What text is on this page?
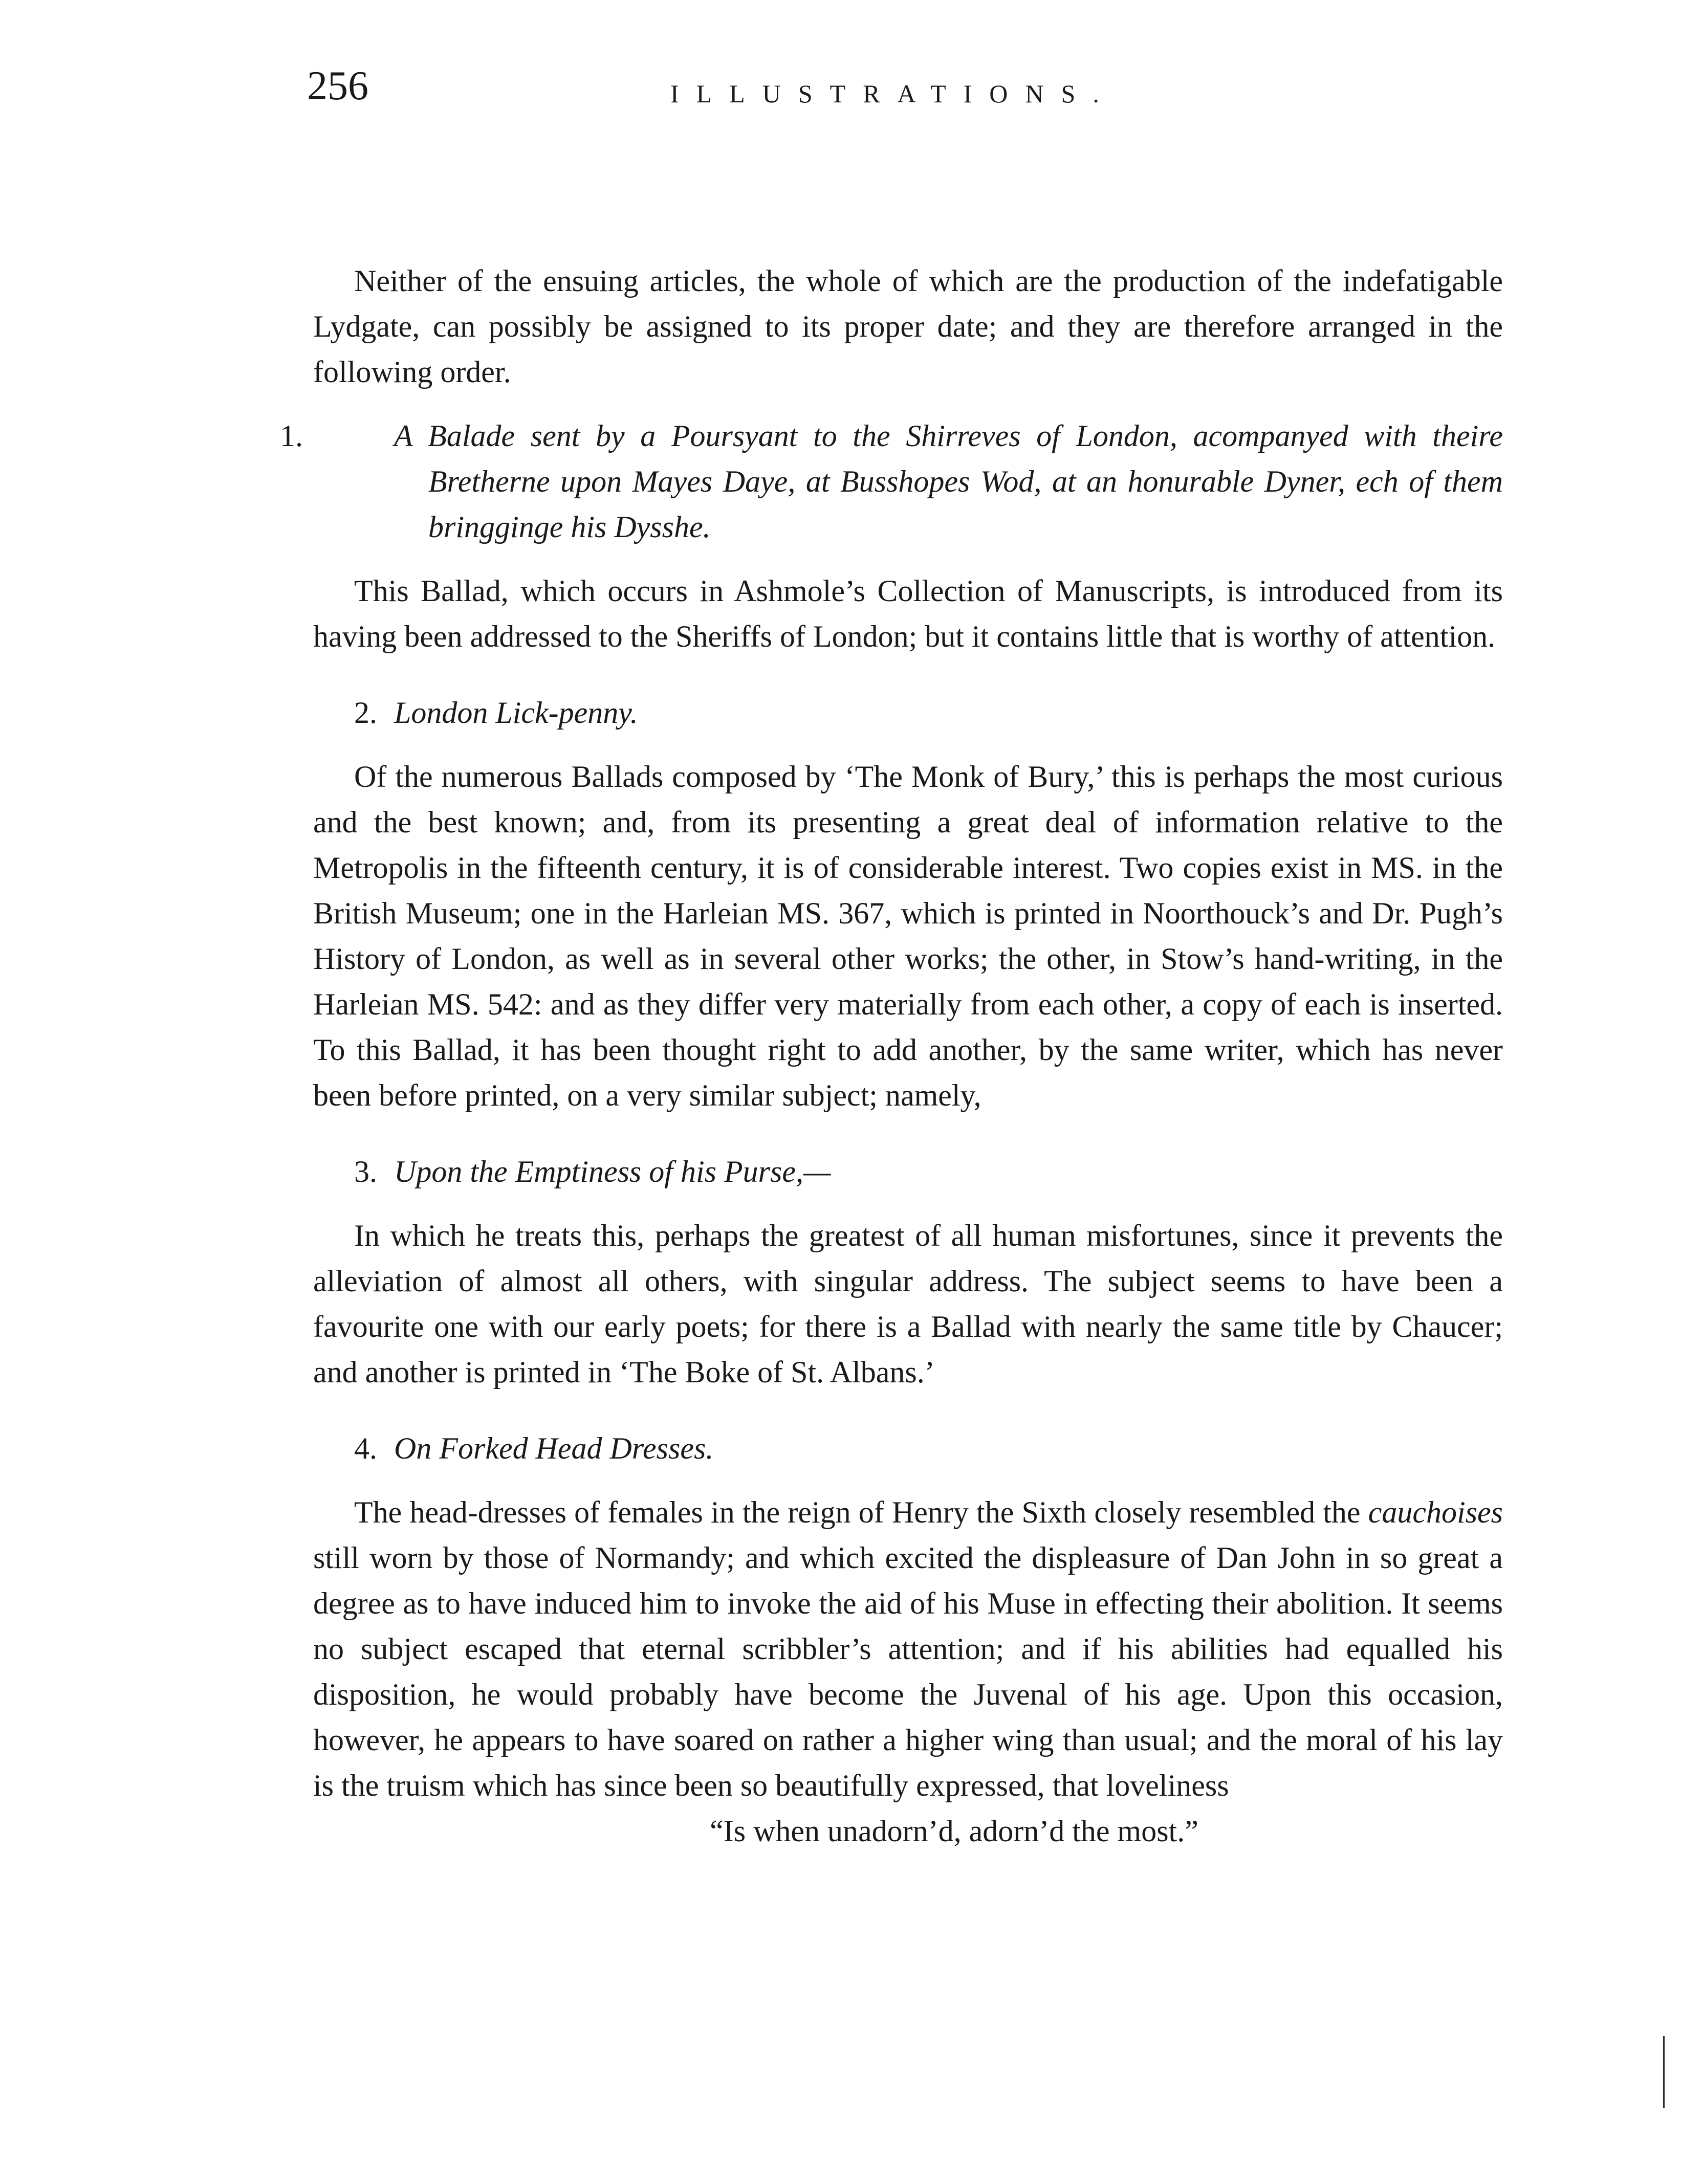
256	ILLUSTRATIONS.

Neither of the ensuing articles, the whole of which are the production of the indefatigable Lydgate, can possibly be assigned to its proper date; and they are therefore arranged in the following order.

1.	A Balade sent by a Poursyant to the Shirreves of London, acompanyed with theire Bretherne upon Mayes Daye, at Busshopes Wod, at an honurable Dyner, ech of them bringginge his Dysshe.

This Ballad, which occurs in Ashmole’s Collection of Manuscripts, is introduced from its having been addressed to the Sheriffs of London; but it contains little that is worthy of attention.

2. London Lick-penny.

Of the numerous Ballads composed by ‘The Monk of Bury,’ this is perhaps the most curious and the best known; and, from its presenting a great deal of information relative to the Metropolis in the fifteenth century, it is of considerable interest. Two copies exist in MS. in the British Museum; one in the Harleian MS. 367, which is printed in Noorthouck’s and Dr. Pugh’s History of London, as well as in several other works; the other, in Stow’s hand-writing, in the Harleian MS. 542: and as they differ very materially from each other, a copy of each is inserted. To this Ballad, it has been thought right to add another, by the same writer, which has never been before printed, on a very similar subject; namely,

3. Upon the Emptiness of his Purse,—

In which he treats this, perhaps the greatest of all human misfortunes, since it prevents the alleviation of almost all others, with singular address. The subject seems to have been a favourite one with our early poets; for there is a Ballad with nearly the same title by Chaucer; and another is printed in ‘The Boke of St. Albans.’

4. On Forked Head Dresses.

The head-dresses of females in the reign of Henry the Sixth closely resembled the cauchoises still worn by those of Normandy; and which excited the displeasure of Dan John in so great a degree as to have induced him to invoke the aid of his Muse in effecting their abolition. It seems no subject escaped that eternal scribbler’s attention; and if his abilities had equalled his disposition, he would probably have become the Juvenal of his age. Upon this occasion, however, he appears to have soared on rather a higher wing than usual; and the moral of his lay is the truism which has since been so beautifully expressed, that loveliness

“Is when unadorn’d, adorn’d the most.”
